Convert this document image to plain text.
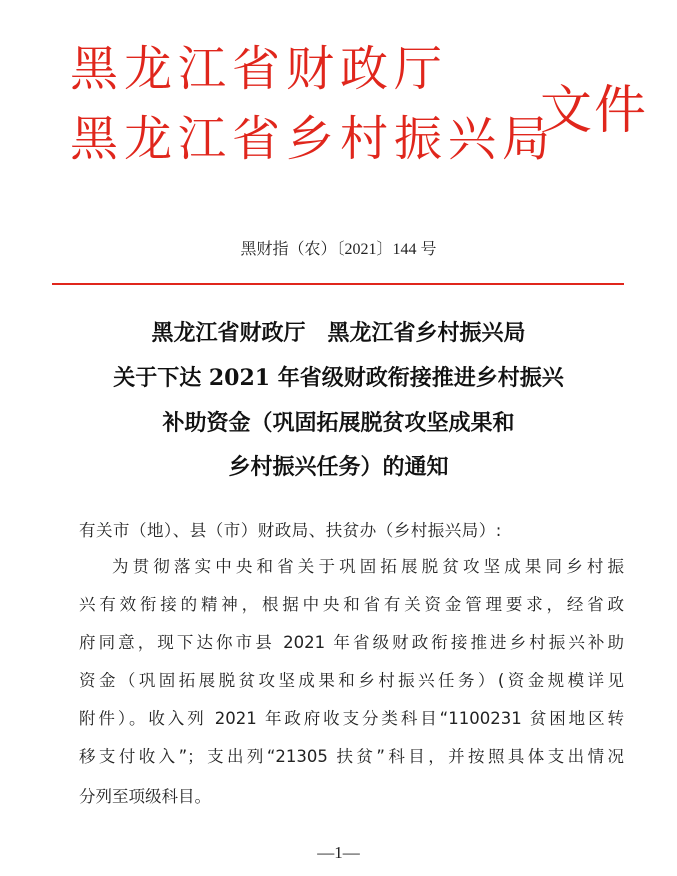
黑龙江省财政厅
黑龙江省乡村振兴局
文件
黑财指（农）〔2021〕144 号
黑龙江省财政厅　黑龙江省乡村振兴局
关于下达 2021 年省级财政衔接推进乡村振兴
补助资金（巩固拓展脱贫攻坚成果和
乡村振兴任务）的通知
有关市（地）、县（市）财政局、扶贫办（乡村振兴局）:
为贯彻落实中央和省关于巩固拓展脱贫攻坚成果同乡村振
兴有效衔接的精神，根据中央和省有关资金管理要求，经省政
府同意，现下达你市县 2021 年省级财政衔接推进乡村振兴补助
资金（巩固拓展脱贫攻坚成果和乡村振兴任务）(资金规模详见
附件）。收入列 2021 年政府收支分类科目“1100231 贫困地区转
移支付收入”；支出列“21305 扶贫”科目，并按照具体支出情况
分列至项级科目。
—1—
